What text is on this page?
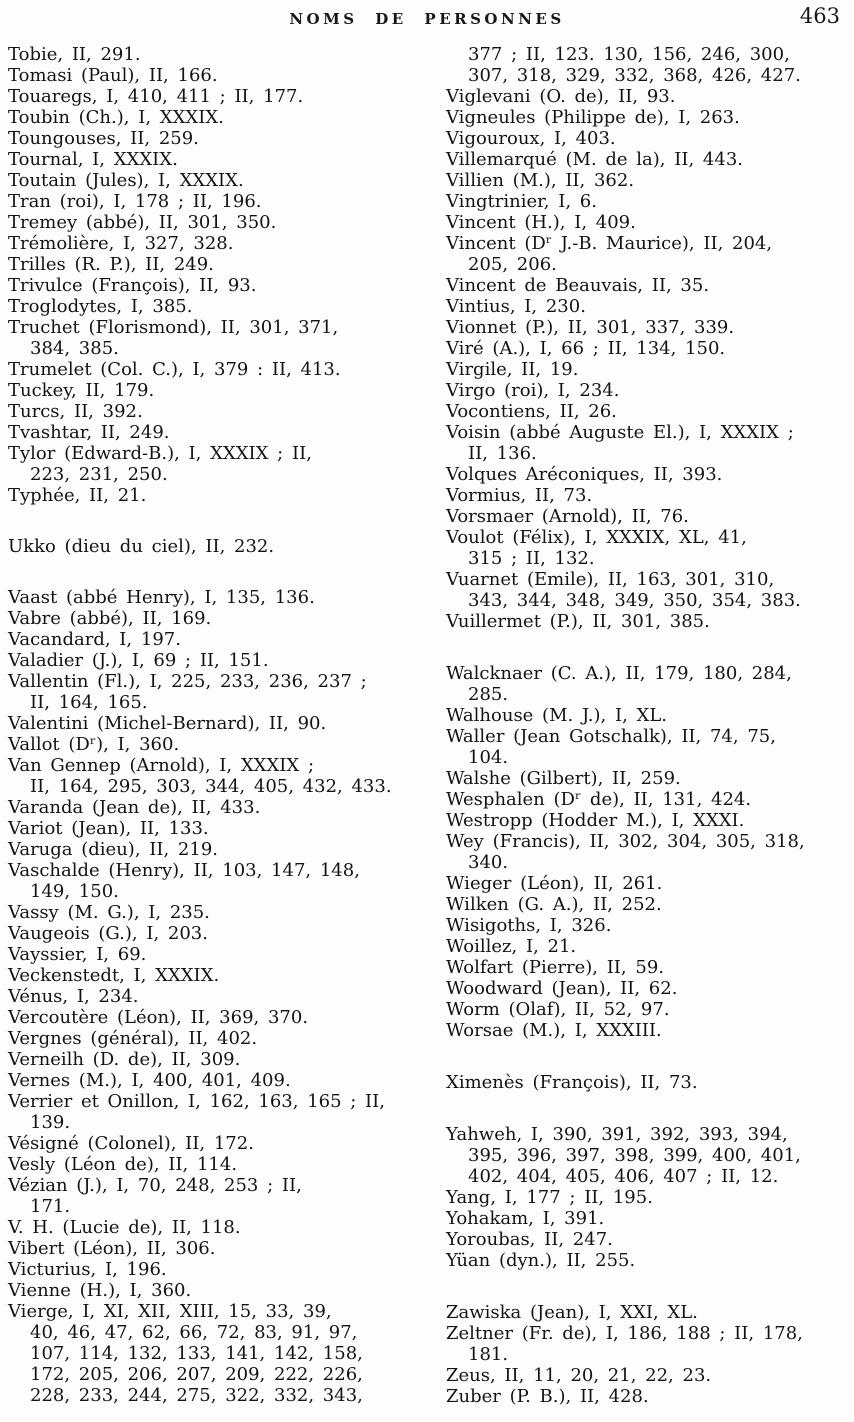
NOMS DE PERSONNES	463
Tobie, II, 291.
Tomasi (Paul), II, 166.
Touaregs, I, 410, 411 ; II, 177.
Toubin (Ch.), I, XXXIX.
Toungouses, II, 259.
Tournal, I, XXXIX.
Toutain (Jules), I, XXXIX.
Tran (roi), I, 178 ; II, 196.
Tremey (abbé), II, 301, 350.
Trémolière, I, 327, 328.
Trilles (R. P.), II, 249.
Trivulce (François), II, 93.
Troglodytes, I, 385.
Truchet (Florismond), II, 301, 371,
384, 385.
Trumelet (Col. C.), I, 379 : II, 413.
Tuckey, II, 179.
Turcs, II, 392.
Tvashtar, II, 249.
Tylor (Edward-B.), I, XXXIX ; II,
223, 231, 250.
Typhée, II, 21.
Ukko (dieu du ciel), II, 232.
Vaast (abbé Henry), I, 135, 136.
Vabre (abbé), II, 169.
Vacandard, I, 197.
Valadier (J.), I, 69 ; II, 151.
Vallentin (Fl.), I, 225, 233, 236, 237 ;
II, 164, 165.
Valentini (Michel-Bernard), II, 90.
Vallot (Dʳ), I, 360.
Van Gennep (Arnold), I, XXXIX ;
II, 164, 295, 303, 344, 405, 432, 433.
Varanda (Jean de), II, 433.
Variot (Jean), II, 133.
Varuga (dieu), II, 219.
Vaschalde (Henry), II, 103, 147, 148,
149, 150.
Vassy (M. G.), I, 235.
Vaugeois (G.), I, 203.
Vayssier, I, 69.
Veckenstedt, I, XXXIX.
Vénus, I, 234.
Vercoutère (Léon), II, 369, 370.
Vergnes (général), II, 402.
Verneilh (D. de), II, 309.
Vernes (M.), I, 400, 401, 409.
Verrier et Onillon, I, 162, 163, 165 ; II,
139.
Vésigné (Colonel), II, 172.
Vesly (Léon de), II, 114.
Vézian (J.), I, 70, 248, 253 ; II,
171.
V. H. (Lucie de), II, 118.
Vibert (Léon), II, 306.
Victurius, I, 196.
Vienne (H.), I, 360.
Vierge, I, XI, XII, XIII, 15, 33, 39,
40, 46, 47, 62, 66, 72, 83, 91, 97,
107, 114, 132, 133, 141, 142, 158,
172, 205, 206, 207, 209, 222, 226,
228, 233, 244, 275, 322, 332, 343,
377 ; II, 123. 130, 156, 246, 300,
307, 318, 329, 332, 368, 426, 427.
Viglevani (O. de), II, 93.
Vigneules (Philippe de), I, 263.
Vigouroux, I, 403.
Villemarqué (M. de la), II, 443.
Villien (M.), II, 362.
Vingtrinier, I, 6.
Vincent (H.), I, 409.
Vincent (Dʳ J.-B. Maurice), II, 204,
205, 206.
Vincent de Beauvais, II, 35.
Vintius, I, 230.
Vionnet (P.), II, 301, 337, 339.
Viré (A.), I, 66 ; II, 134, 150.
Virgile, II, 19.
Virgo (roi), I, 234.
Vocontiens, II, 26.
Voisin (abbé Auguste El.), I, XXXIX ;
II, 136.
Volques Aréconiques, II, 393.
Vormius, II, 73.
Vorsmaer (Arnold), II, 76.
Voulot (Félix), I, XXXIX, XL, 41,
315 ; II, 132.
Vuarnet (Emile), II, 163, 301, 310,
343, 344, 348, 349, 350, 354, 383.
Vuillermet (P.), II, 301, 385.
Walcknaer (C. A.), II, 179, 180, 284,
285.
Walhouse (M. J.), I, XL.
Waller (Jean Gotschalk), II, 74, 75,
104.
Walshe (Gilbert), II, 259.
Wesphalen (Dʳ de), II, 131, 424.
Westropp (Hodder M.), I, XXXI.
Wey (Francis), II, 302, 304, 305, 318,
340.
Wieger (Léon), II, 261.
Wilken (G. A.), II, 252.
Wisigoths, I, 326.
Woillez, I, 21.
Wolfart (Pierre), II, 59.
Woodward (Jean), II, 62.
Worm (Olaf), II, 52, 97.
Worsae (M.), I, XXXIII.
Ximenès (François), II, 73.
Yahweh, I, 390, 391, 392, 393, 394,
395, 396, 397, 398, 399, 400, 401,
402, 404, 405, 406, 407 ; II, 12.
Yang, I, 177 ; II, 195.
Yohakam, I, 391.
Yoroubas, II, 247.
Yüan (dyn.), II, 255.
Zawiska (Jean), I, XXI, XL.
Zeltner (Fr. de), I, 186, 188 ; II, 178,
181.
Zeus, II, 11, 20, 21, 22, 23.
Zuber (P. B.), II, 428.
